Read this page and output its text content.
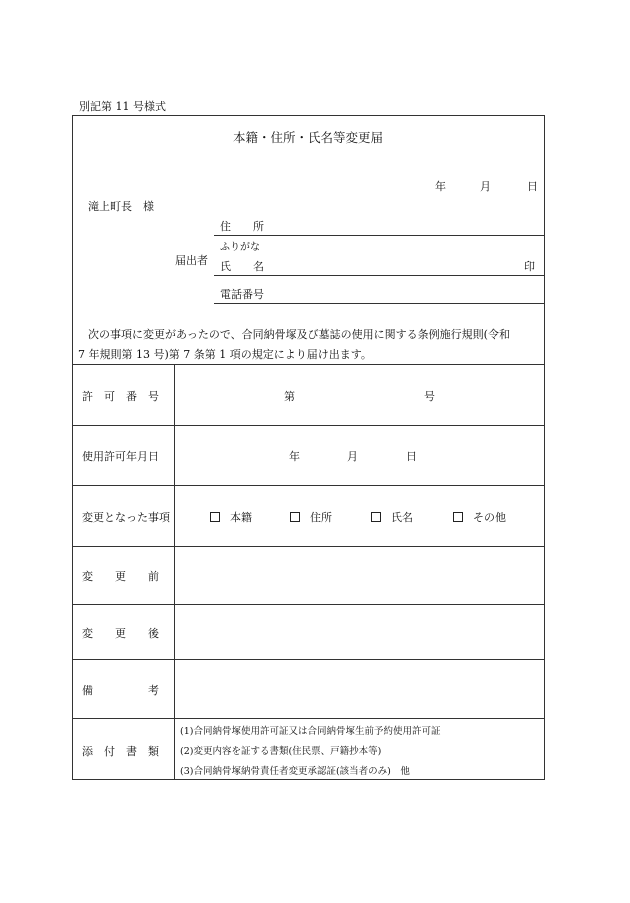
別記第 11 号様式
本籍・住所・氏名等変更届
年	月	日
滝上町長　様
届出者
住　　所
ふりがな
氏　　名	印
電話番号
次の事項に変更があったので、合同納骨塚及び墓誌の使用に関する条例施行規則(令和
7 年規則第 13 号)第 7 条第 1 項の規定により届け出ます。
許　可　番　号	第	号
使用許可年月日	年	月	日
変更となった事項	本籍	住所	氏名	その他
変　　更　　前
変　　更　　後
備　　　　　考
添　付　書　類
(1)合同納骨塚使用許可証又は合同納骨塚生前予約使用許可証
(2)変更内容を証する書類(住民票、戸籍抄本等)
(3)合同納骨塚納骨責任者変更承認証(該当者のみ)　他
